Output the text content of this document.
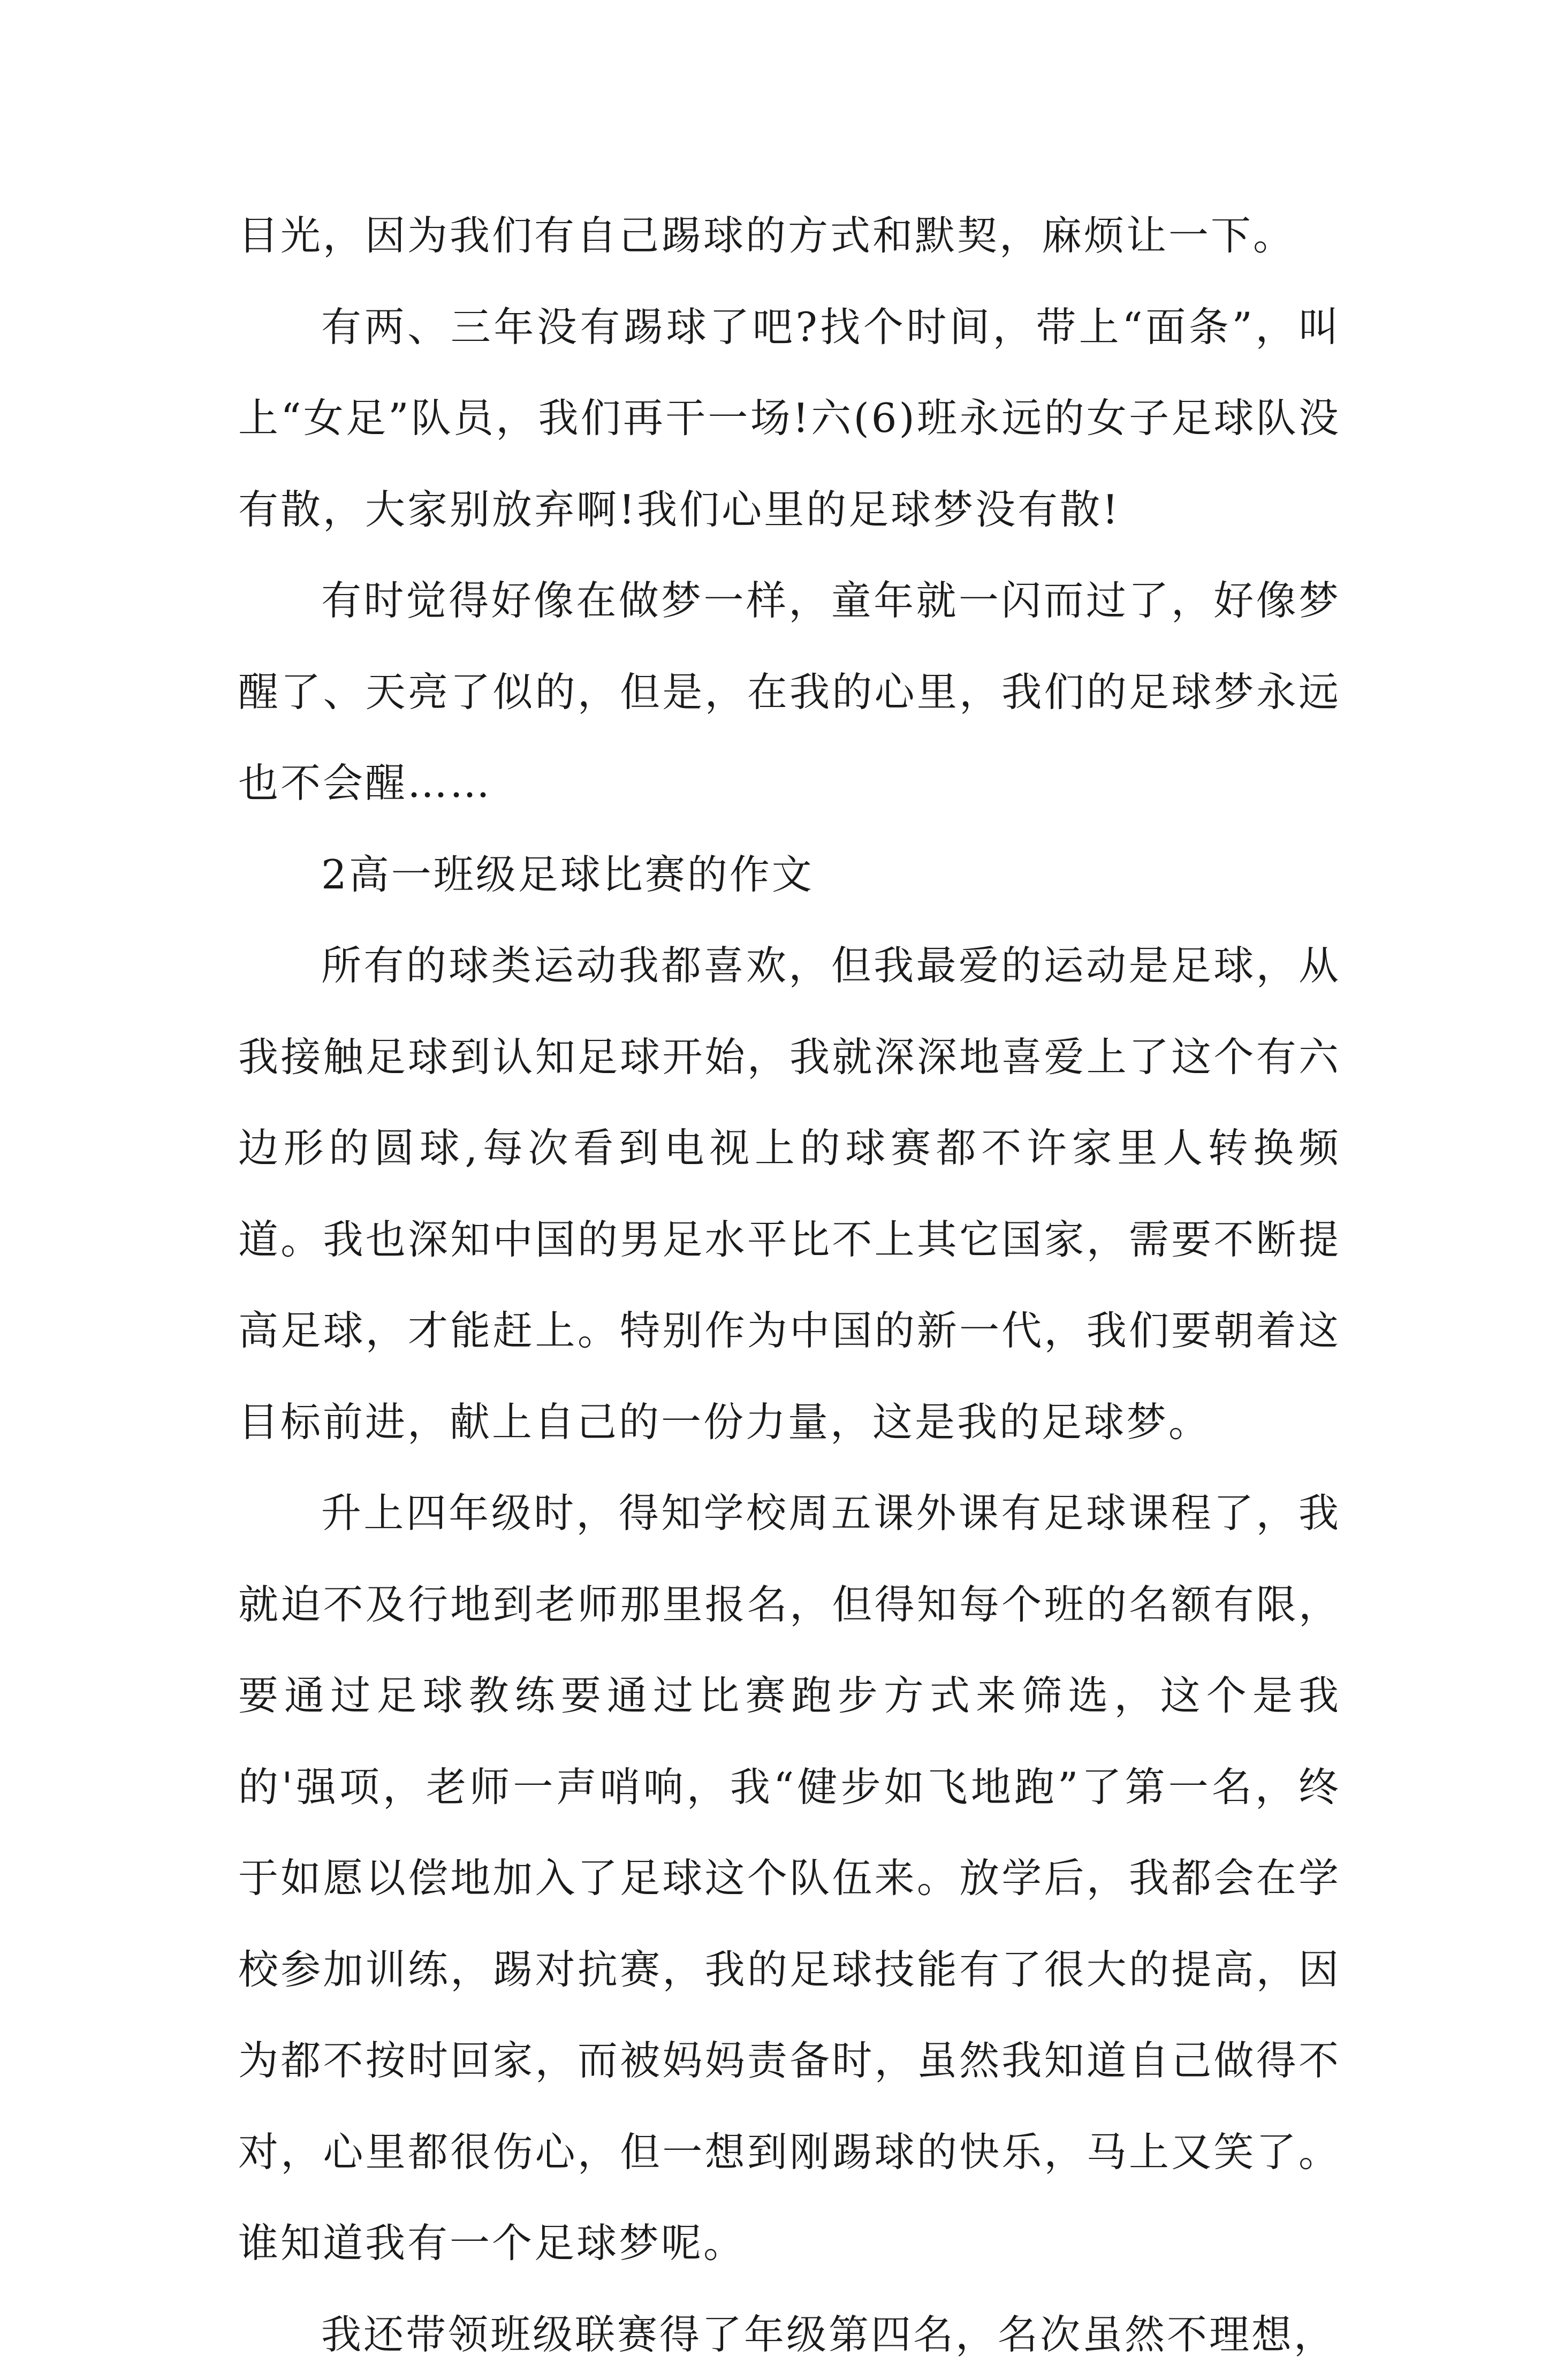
目光，因为我们有自己踢球的方式和默契，麻烦让一下。

有两、三年没有踢球了吧?找个时间，带上“面条”，叫上“女足”队员，我们再干一场!六(6)班永远的女子足球队没有散，大家别放弃啊!我们心里的足球梦没有散!

有时觉得好像在做梦一样，童年就一闪而过了，好像梦醒了、天亮了似的，但是，在我的心里，我们的足球梦永远也不会醒……

2高一班级足球比赛的作文

所有的球类运动我都喜欢，但我最爱的运动是足球，从我接触足球到认知足球开始，我就深深地喜爱上了这个有六边形的圆球,每次看到电视上的球赛都不许家里人转换频道。我也深知中国的男足水平比不上其它国家，需要不断提高足球，才能赶上。特别作为中国的新一代，我们要朝着这目标前进，献上自己的一份力量，这是我的足球梦。

升上四年级时，得知学校周五课外课有足球课程了，我就迫不及行地到老师那里报名，但得知每个班的名额有限，要通过足球教练要通过比赛跑步方式来筛选，这个是我的'强项，老师一声哨响，我“健步如飞地跑”了第一名，终于如愿以偿地加入了足球这个队伍来。放学后，我都会在学校参加训练，踢对抗赛，我的足球技能有了很大的提高，因为都不按时回家，而被妈妈责备时，虽然我知道自己做得不对，心里都很伤心，但一想到刚踢球的快乐，马上又笑了。谁知道我有一个足球梦呢。

我还带领班级联赛得了年级第四名，名次虽然不理想，
